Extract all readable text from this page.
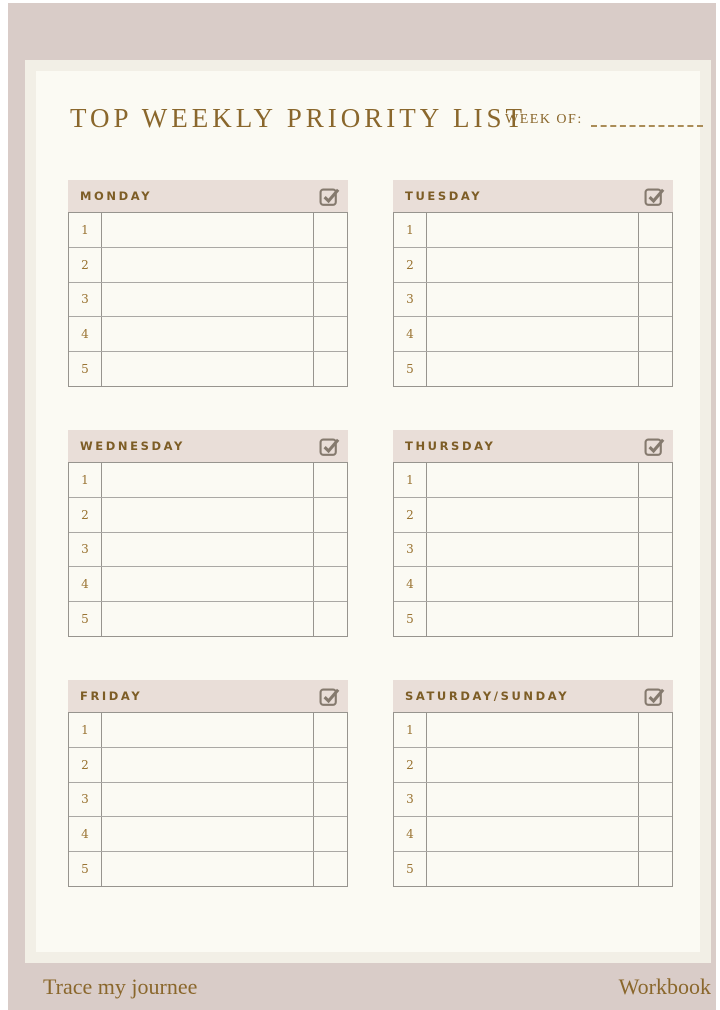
TOP WEEKLY PRIORITY LIST
WEEK OF:
MONDAY
1
2
3
4
5
TUESDAY
1
2
3
4
5
WEDNESDAY
1
2
3
4
5
THURSDAY
1
2
3
4
5
FRIDAY
1
2
3
4
5
SATURDAY/SUNDAY
1
2
3
4
5
Trace my journee	Workbook
